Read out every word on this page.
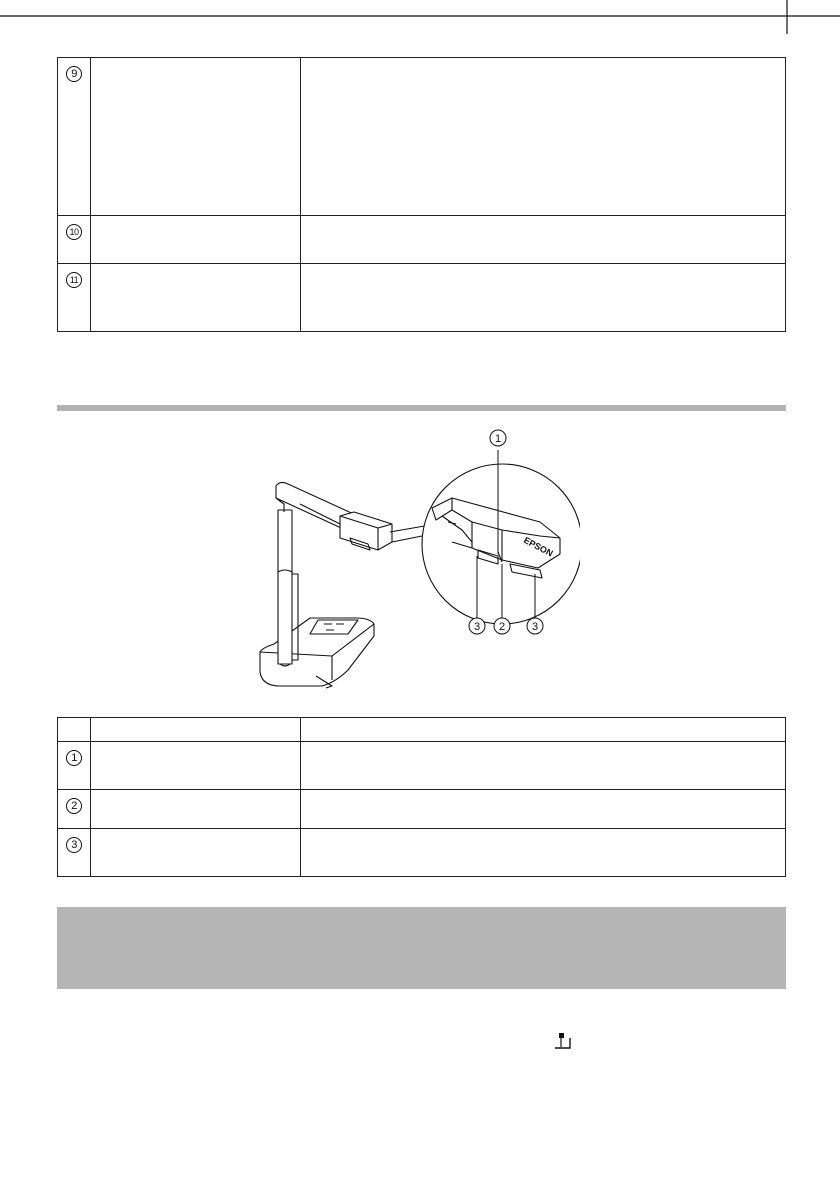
9		
10		
11		
EPSON
1
3 2 3

1		
2		
3		
